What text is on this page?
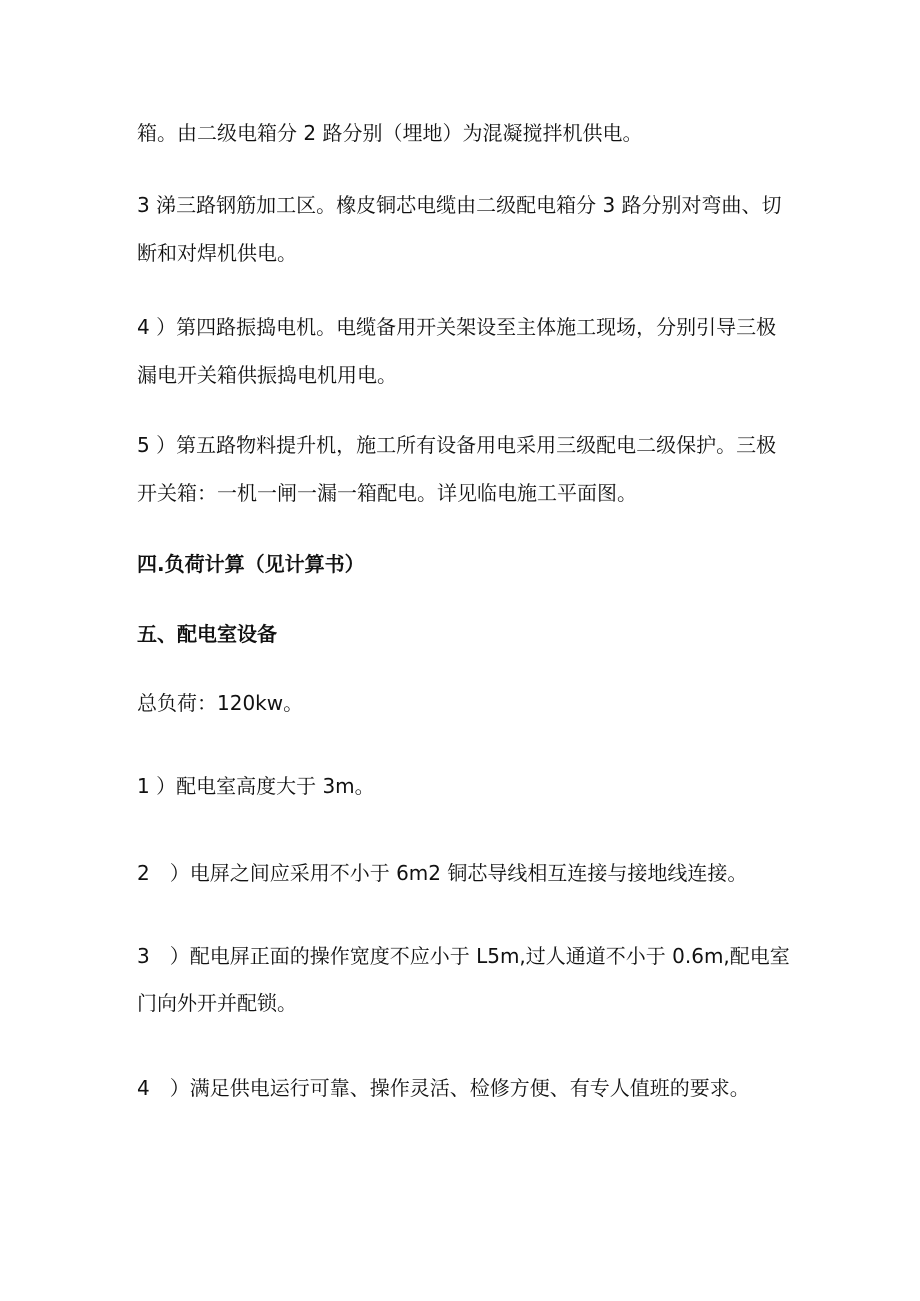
箱。由二级电箱分 2 路分别（埋地）为混凝搅拌机供电。

3 涕三路钢筋加工区。橡皮铜芯电缆由二级配电箱分 3 路分别对弯曲、切

断和对焊机供电。

4 ）第四路振捣电机。电缆备用开关架设至主体施工现场，分别引导三极

漏电开关箱供振捣电机用电。

5 ）第五路物料提升机，施工所有设备用电采用三级配电二级保护。三极

开关箱：一机一闸一漏一箱配电。详见临电施工平面图。

四.负荷计算（见计算书）

五、配电室设备

总负荷：120kw。

1 ）配电室高度大于 3m。

2　）电屏之间应采用不小于 6m2 铜芯导线相互连接与接地线连接。

3　）配电屏正面的操作宽度不应小于 L5m,过人通道不小于 0.6m,配电室

门向外开并配锁。

4　）满足供电运行可靠、操作灵活、检修方便、有专人值班的要求。
